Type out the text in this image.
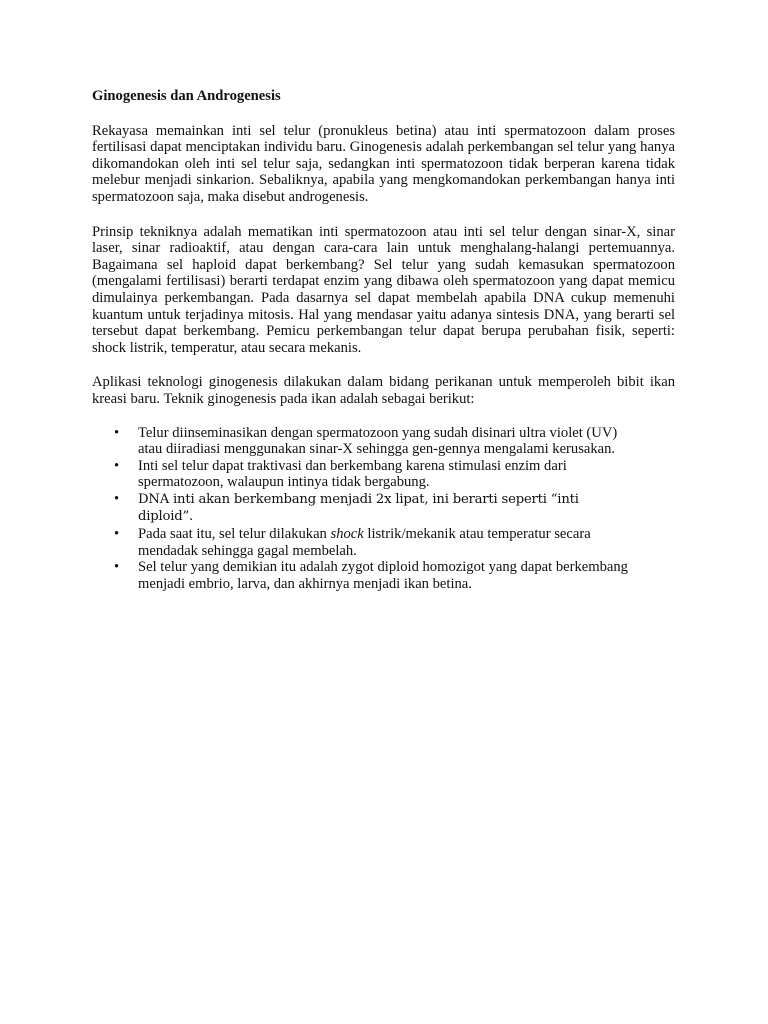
Ginogenesis dan Androgenesis

Rekayasa memainkan inti sel telur (pronukleus betina) atau inti spermatozoon dalam proses fertilisasi dapat menciptakan individu baru. Ginogenesis adalah perkembangan sel telur yang hanya dikomandokan oleh inti sel telur saja, sedangkan inti spermatozoon tidak berperan karena tidak melebur menjadi sinkarion. Sebaliknya, apabila yang mengkomandokan perkembangan hanya inti spermatozoon saja, maka disebut androgenesis.

Prinsip tekniknya adalah mematikan inti spermatozoon atau inti sel telur dengan sinar-X, sinar laser, sinar radioaktif, atau dengan cara-cara lain untuk menghalang-halangi pertemuannya. Bagaimana sel haploid dapat berkembang? Sel telur yang sudah kemasukan spermatozoon (mengalami fertilisasi) berarti terdapat enzim yang dibawa oleh spermatozoon yang dapat memicu dimulainya perkembangan. Pada dasarnya sel dapat membelah apabila DNA cukup memenuhi kuantum untuk terjadinya mitosis. Hal yang mendasar yaitu adanya sintesis DNA, yang berarti sel tersebut dapat berkembang. Pemicu perkembangan telur dapat berupa perubahan fisik, seperti: shock listrik, temperatur, atau secara mekanis.

Aplikasi teknologi ginogenesis dilakukan dalam bidang perikanan untuk memperoleh bibit ikan kreasi baru. Teknik ginogenesis pada ikan adalah sebagai berikut:

• Telur diinseminasikan dengan spermatozoon yang sudah disinari ultra violet (UV) atau diiradiasi menggunakan sinar-X sehingga gen-gennya mengalami kerusakan.
• Inti sel telur dapat traktivasi dan berkembang karena stimulasi enzim dari spermatozoon, walaupun intinya tidak bergabung.
• DNA inti akan berkembang menjadi 2x lipat, ini berarti seperti “inti diploid”.
• Pada saat itu, sel telur dilakukan shock listrik/mekanik atau temperatur secara mendadak sehingga gagal membelah.
• Sel telur yang demikian itu adalah zygot diploid homozigot yang dapat berkembang menjadi embrio, larva, dan akhirnya menjadi ikan betina.
